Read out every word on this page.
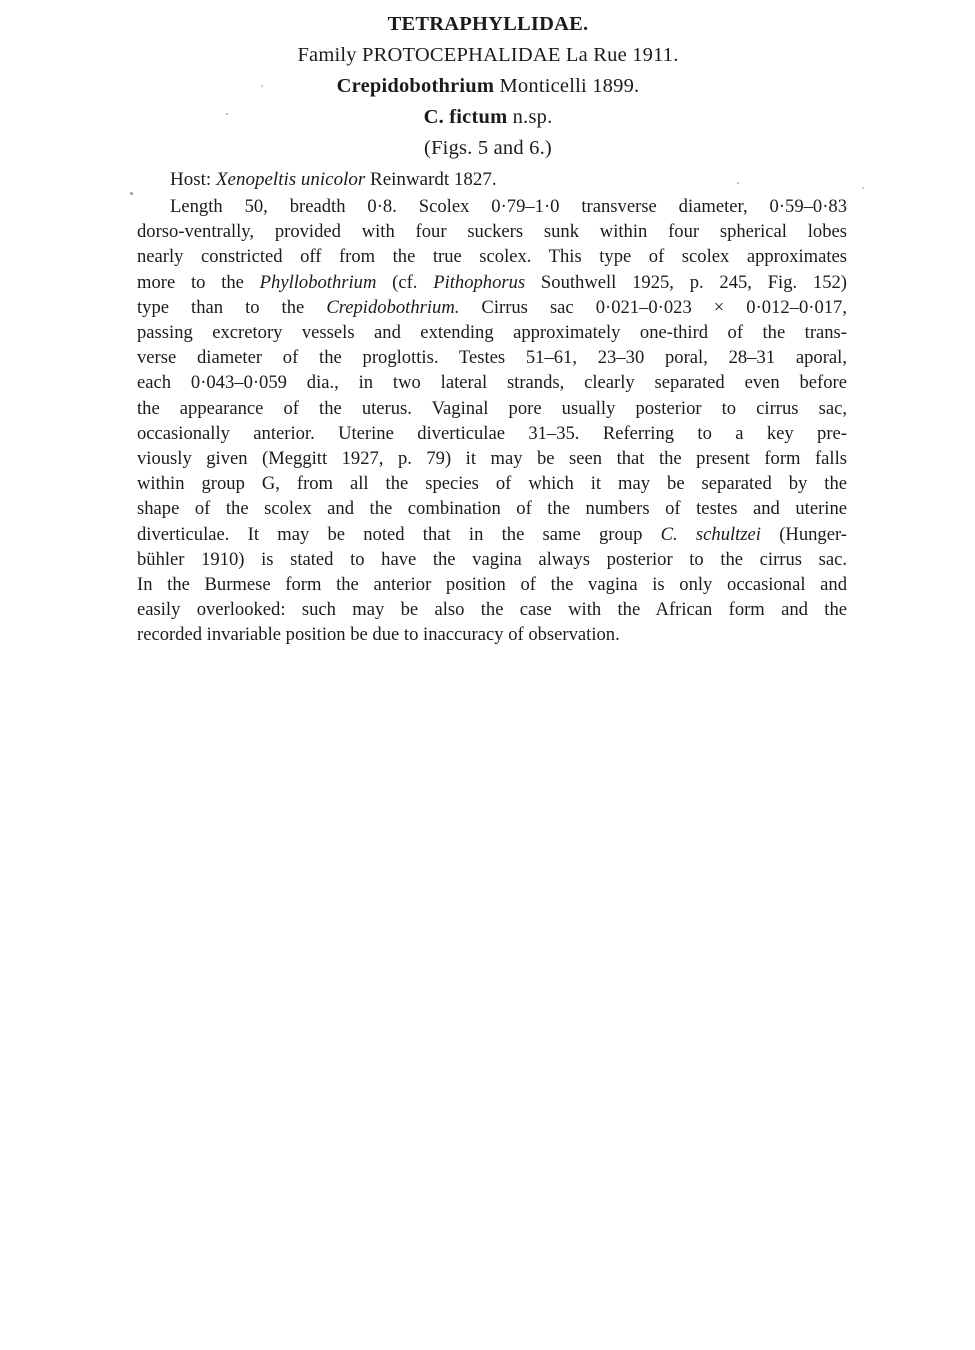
TETRAPHYLLIDAE.
Family PROTOCEPHALIDAE La Rue 1911.
Crepidobothrium Monticelli 1899.
C. fictum n.sp.
(Figs. 5 and 6.)
Host: Xenopeltis unicolor Reinwardt 1827.
Length 50, breadth 0·8. Scolex 0·79–1·0 transverse diameter, 0·59–0·83
dorso-ventrally, provided with four suckers sunk within four spherical lobes
nearly constricted off from the true scolex. This type of scolex approximates
more to the Phyllobothrium (cf. Pithophorus Southwell 1925, p. 245, Fig. 152)
type than to the Crepidobothrium. Cirrus sac 0·021–0·023 × 0·012–0·017,
passing excretory vessels and extending approximately one-third of the trans-
verse diameter of the proglottis. Testes 51–61, 23–30 poral, 28–31 aporal,
each 0·043–0·059 dia., in two lateral strands, clearly separated even before
the appearance of the uterus. Vaginal pore usually posterior to cirrus sac,
occasionally anterior. Uterine diverticulae 31–35. Referring to a key pre-
viously given (Meggitt 1927, p. 79) it may be seen that the present form falls
within group G, from all the species of which it may be separated by the
shape of the scolex and the combination of the numbers of testes and uterine
diverticulae. It may be noted that in the same group C. schultzei (Hunger-
bühler 1910) is stated to have the vagina always posterior to the cirrus sac.
In the Burmese form the anterior position of the vagina is only occasional and
easily overlooked: such may be also the case with the African form and the
recorded invariable position be due to inaccuracy of observation.
